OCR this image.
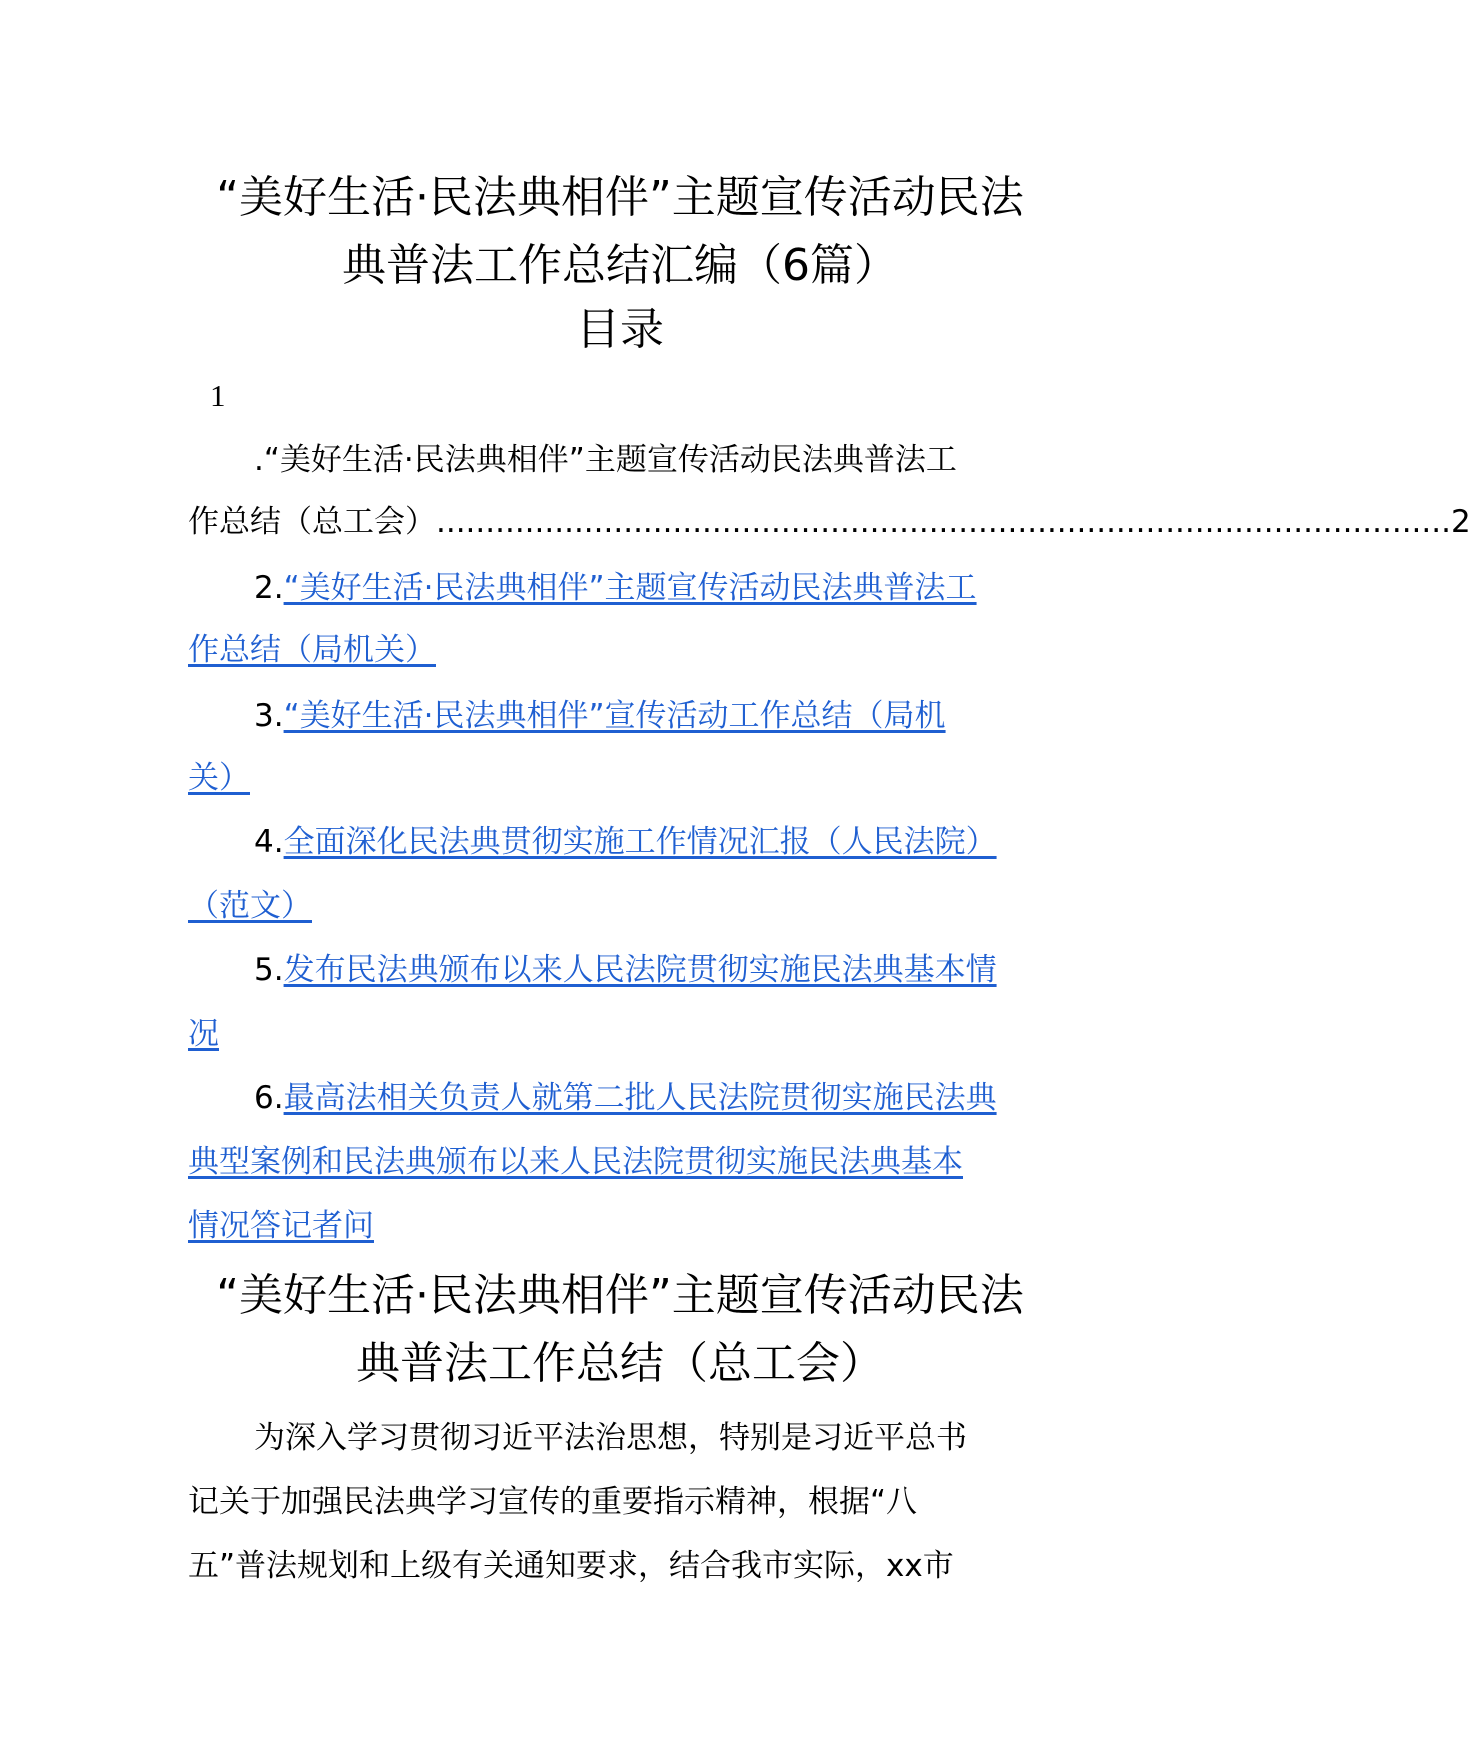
“美好生活·民法典相伴”主题宣传活动民法
典普法工作总结汇编（6篇）
目录
1
.“美好生活·民法典相伴”主题宣传活动民法典普法工
作总结（总工会） ....................................................................................................... 2
2.“美好生活·民法典相伴”主题宣传活动民法典普法工
作总结（局机关）
3.“美好生活·民法典相伴”宣传活动工作总结（局机
关）
4.全面深化民法典贯彻实施工作情况汇报（人民法院）
（范文）
5.发布民法典颁布以来人民法院贯彻实施民法典基本情
况
6.最高法相关负责人就第二批人民法院贯彻实施民法典
典型案例和民法典颁布以来人民法院贯彻实施民法典基本
情况答记者问
“美好生活·民法典相伴”主题宣传活动民法
典普法工作总结（总工会）
为深入学习贯彻习近平法治思想，特别是习近平总书
记关于加强民法典学习宣传的重要指示精神，根据“八
五”普法规划和上级有关通知要求，结合我市实际，xx市
